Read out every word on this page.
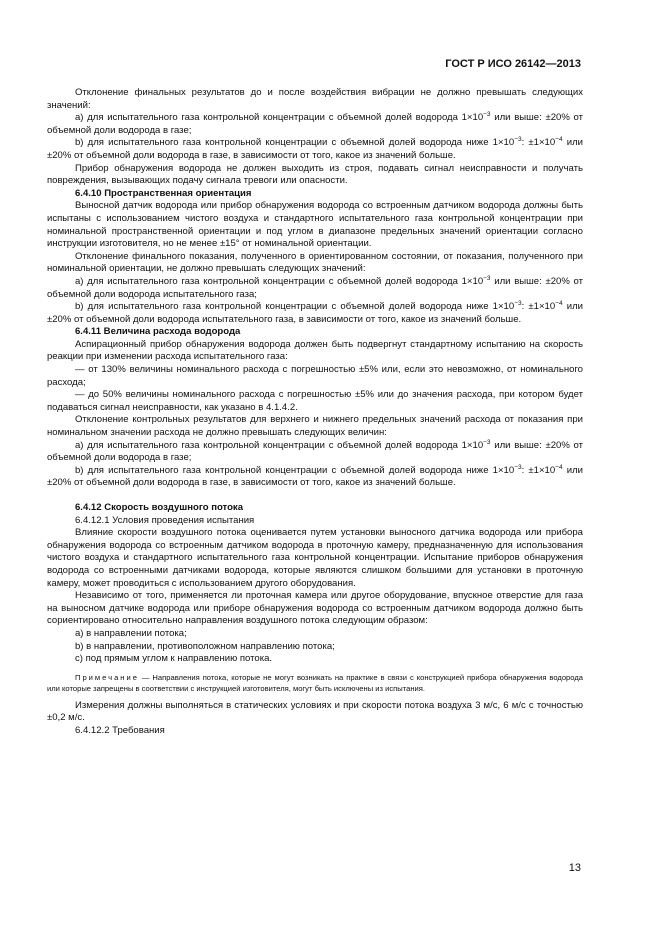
ГОСТ Р ИСО 26142—2013

Отклонение финальных результатов до и после воздействия вибрации не должно превышать следующих значений:

a) для испытательного газа контрольной концентрации с объемной долей водорода $1\times 10^{-3}$ или выше: ±20% от объемной доли водорода в газе;

b) для испытательного газа контрольной концентрации с объемной долей водорода ниже $1\times 10^{-3}$: $\pm 1\times 10^{-4}$ или ±20% от объемной доли водорода в газе, в зависимости от того, какое из значений больше.

Прибор обнаружения водорода не должен выходить из строя, подавать сигнал неисправности и получать повреждения, вызывающих подачу сигнала тревоги или опасности.

6.4.10 Пространственная ориентация

Выносной датчик водорода или прибор обнаружения водорода со встроенным датчиком водорода должны быть испытаны с использованием чистого воздуха и стандартного испытательного газа контрольной концентрации при номинальной пространственной ориентации и под углом в диапазоне предельных значений ориентации согласно инструкции изготовителя, но не менее ±15° от номинальной ориентации.

Отклонение финального показания, полученного в ориентированном состоянии, от показания, полученного при номинальной ориентации, не должно превышать следующих значений:

a) для испытательного газа контрольной концентрации с объемной долей водорода $1\times 10^{-3}$ или выше: ±20% от объемной доли водорода испытательного газа;

b) для испытательного газа контрольной концентрации с объемной долей водорода ниже $1\times 10^{-3}$: $\pm 1\times 10^{-4}$ или ±20% от объемной доли водорода испытательного газа, в зависимости от того, какое из значений больше.

6.4.11 Величина расхода водорода

Аспирационный прибор обнаружения водорода должен быть подвергнут стандартному испытанию на скорость реакции при изменении расхода испытательного газа:

— от 130% величины номинального расхода с погрешностью ±5% или, если это невозможно, от номинального расхода;

— до 50% величины номинального расхода с погрешностью ±5% или до значения расхода, при котором будет подаваться сигнал неисправности, как указано в 4.1.4.2.

Отклонение контрольных результатов для верхнего и нижнего предельных значений расхода от показания при номинальном значении расхода не должно превышать следующих величин:

a) для испытательного газа контрольной концентрации с объемной долей водорода $1\times 10^{-3}$ или выше: ±20% от объемной доли водорода в газе;

b) для испытательного газа контрольной концентрации с объемной долей водорода ниже $1\times 10^{-3}$: $\pm 1\times 10^{-4}$ или ±20% от объемной доли водорода в газе, в зависимости от того, какое из значений больше.

6.4.12 Скорость воздушного потока

6.4.12.1 Условия проведения испытания

Влияние скорости воздушного потока оценивается путем установки выносного датчика водорода или прибора обнаружения водорода со встроенным датчиком водорода в проточную камеру, предназначенную для использования чистого воздуха и стандартного испытательного газа контрольной концентрации. Испытание приборов обнаружения водорода со встроенными датчиками водорода, которые являются слишком большими для установки в проточную камеру, может проводиться с использованием другого оборудования.

Независимо от того, применяется ли проточная камера или другое оборудование, впускное отверстие для газа на выносном датчике водорода или приборе обнаружения водорода со встроенным датчиком водорода должно быть сориентировано относительно направления воздушного потока следующим образом:

a) в направлении потока;

b) в направлении, противоположном направлению потока;

c) под прямым углом к направлению потока.

Примечание — Направления потока, которые не могут возникать на практике в связи с конструкцией прибора обнаружения водорода или которые запрещены в соответствии с инструкцией изготовителя, могут быть исключены из испытания.

Измерения должны выполняться в статических условиях и при скорости потока воздуха 3 м/с, 6 м/с с точностью ±0,2 м/с.

6.4.12.2 Требования

13
